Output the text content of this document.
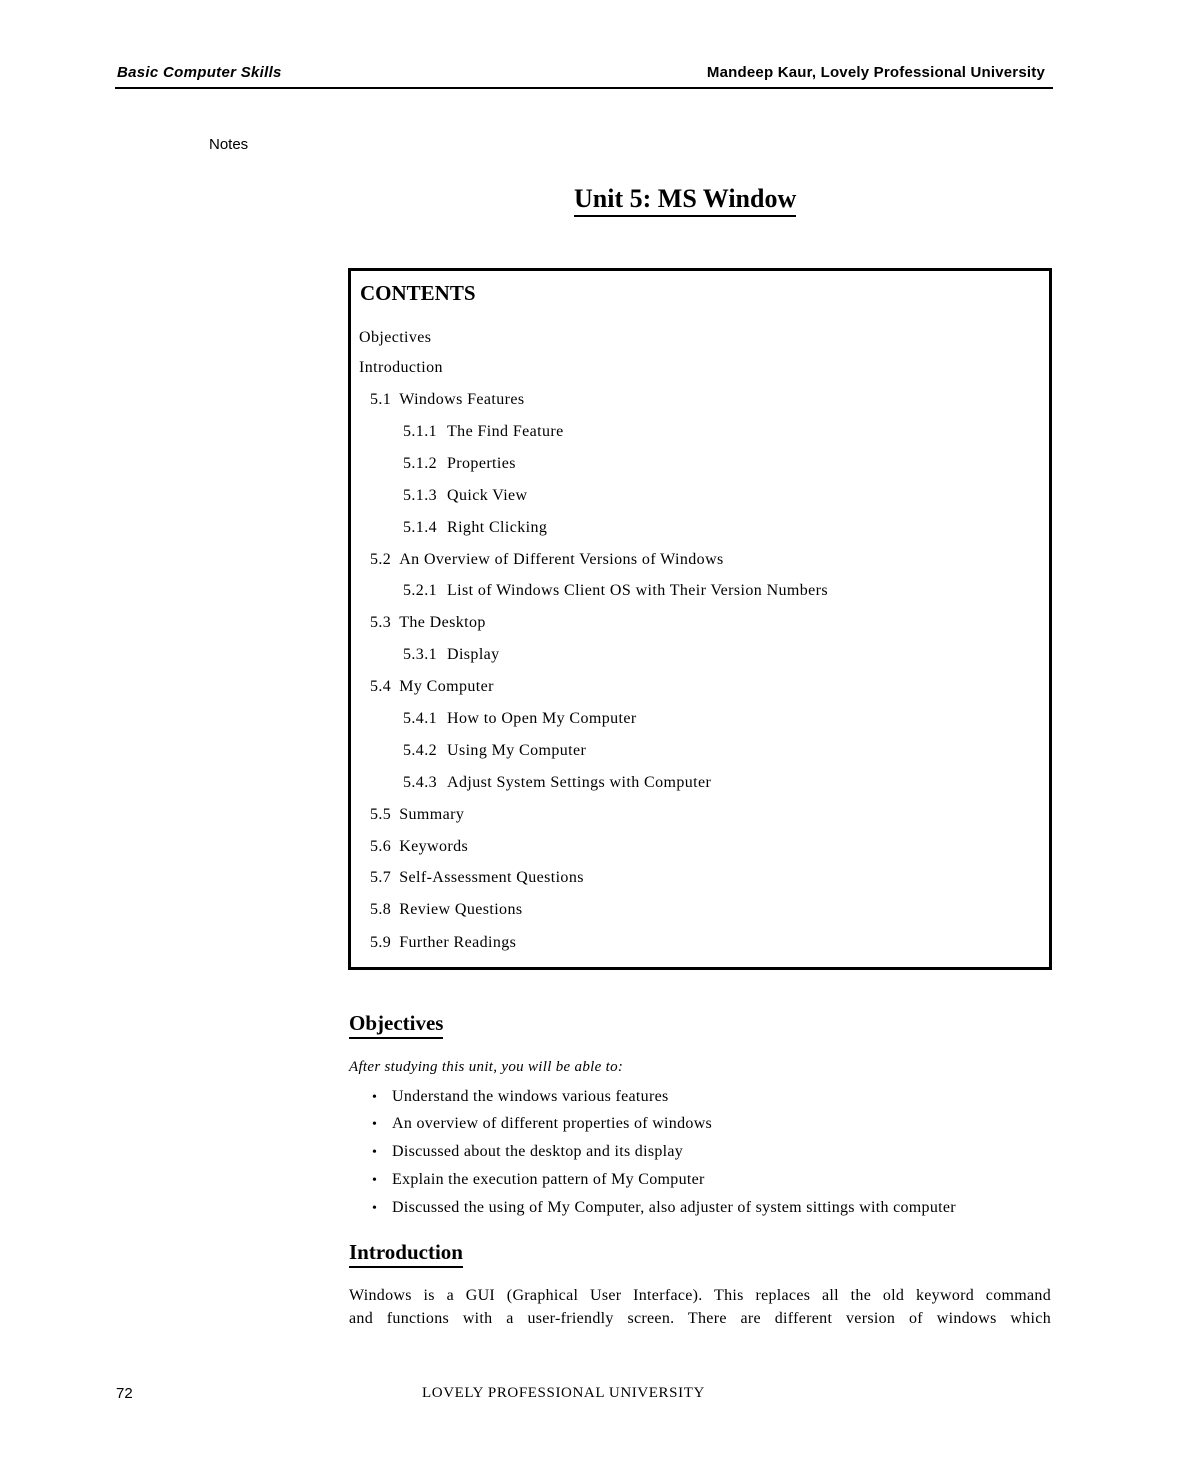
Basic Computer Skills	Mandeep Kaur, Lovely Professional University
Notes
Unit 5: MS Window
CONTENTS
Objectives
Introduction
5.1 Windows Features
5.1.1 The Find Feature
5.1.2 Properties
5.1.3 Quick View
5.1.4 Right Clicking
5.2 An Overview of Different Versions of Windows
5.2.1 List of Windows Client OS with Their Version Numbers
5.3 The Desktop
5.3.1 Display
5.4 My Computer
5.4.1 How to Open My Computer
5.4.2 Using My Computer
5.4.3 Adjust System Settings with Computer
5.5 Summary
5.6 Keywords
5.7 Self-Assessment Questions
5.8 Review Questions
5.9 Further Readings
Objectives
After studying this unit, you will be able to:
• Understand the windows various features
• An overview of different properties of windows
• Discussed about the desktop and its display
• Explain the execution pattern of My Computer
• Discussed the using of My Computer, also adjuster of system sittings with computer
Introduction
Windows is a GUI (Graphical User Interface). This replaces all the old keyword command
and functions with a user-friendly screen. There are different version of windows which
72	LOVELY PROFESSIONAL UNIVERSITY
